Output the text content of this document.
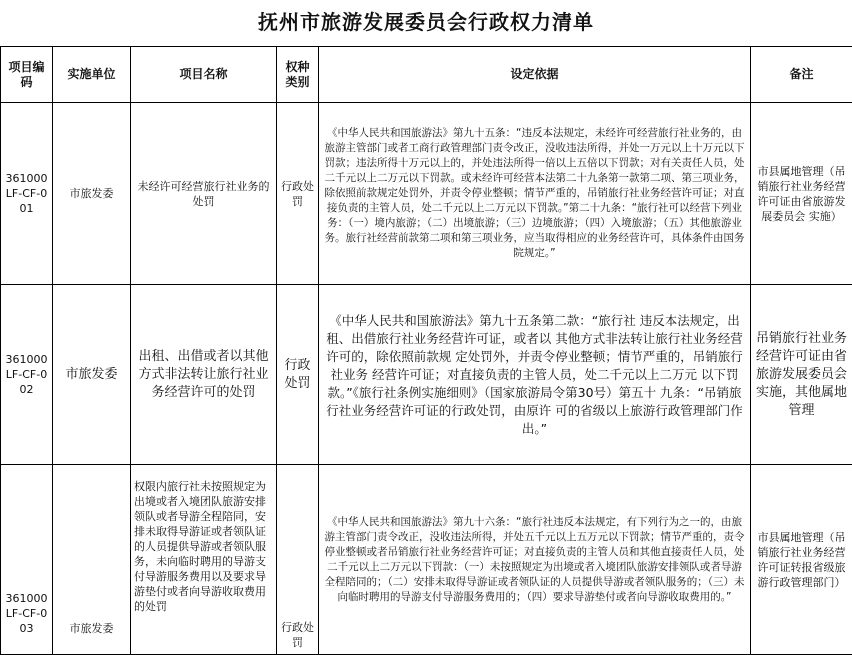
抚州市旅游发展委员会行政权力清单
项目编码	实施单位	项目名称	权种类别	设定依据	备注
361000LF-CF-001	市旅发委	未经许可经营旅行社业务的处罚	行政处罚	《中华人民共和国旅游法》第九十五条：“违反本法规定，未经许可经营旅行社业务的，由旅游主管部门或者工商行政管理部门责令改正，没收违法所得，并处一万元以上十万元以下罚款；违法所得十万元以上的，并处违法所得一倍以上五倍以下罚款；对有关责任人员，处二千元以上二万元以下罚款。或未经许可经营本法第二十九条第一款第二项、第三项业务，除依照前款规定处罚外，并责令停业整顿；情节严重的，吊销旅行社业务经营许可证；对直接负责的主管人员，处二千元以上二万元以下罚款。”第二十九条：“旅行社可以经营下列业务：（一）境内旅游；（二）出境旅游；（三）边境旅游；（四）入境旅游；（五）其他旅游业务。旅行社经营前款第二项和第三项业务，应当取得相应的业务经营许可，具体条件由国务院规定。”	市县属地管理（吊销旅行社业务经营许可证由省旅游发展委员会 实施）
361000LF-CF-002	市旅发委	出租、出借或者以其他方式非法转让旅行社业务经营许可的处罚	行政处罚	《中华人民共和国旅游法》第九十五条第二款：“旅行社 违反本法规定，出租、出借旅行社业务经营许可证，或者以 其他方式非法转让旅行社业务经营许可的，除依照前款规 定处罚外，并责令停业整顿；情节严重的，吊销旅行社业务 经营许可证；对直接负责的主管人员，处二千元以上二万元 以下罚款。”《旅行社条例实施细则》（国家旅游局令第30号）第五十 九条：“吊销旅行社业务经营许可证的行政处罚，由原许 可的省级以上旅游行政管理部门作出。”	吊销旅行社业务经营许可证由省旅游发展委员会实施，其他属地管理
361000LF-CF-003	市旅发委	权限内旅行社未按照规定为出境或者入境团队旅游安排领队或者导游全程陪同，安排未取得导游证或者领队证的人员提供导游或者领队服务，未向临时聘用的导游支付导游服务费用以及要求导游垫付或者向导游收取费用的处罚	行政处罚	《中华人民共和国旅游法》第九十六条：“旅行社违反本法规定，有下列行为之一的，由旅游主管部门责令改正，没收违法所得，并处五千元以上五万元以下罚款；情节严重的，责令停业整顿或者吊销旅行社业务经营许可证；对直接负责的主管人员和其他直接责任人员，处二千元以上二万元以下罚款：（一）未按照规定为出境或者入境团队旅游安排领队或者导游全程陪同的；（二）安排未取得导游证或者领队证的人员提供导游或者领队服务的；（三）未向临时聘用的导游支付导游服务费用的；（四）要求导游垫付或者向导游收取费用的。”	市县属地管理（吊销旅行社业务经营许可证转报省级旅游行政管理部门）
